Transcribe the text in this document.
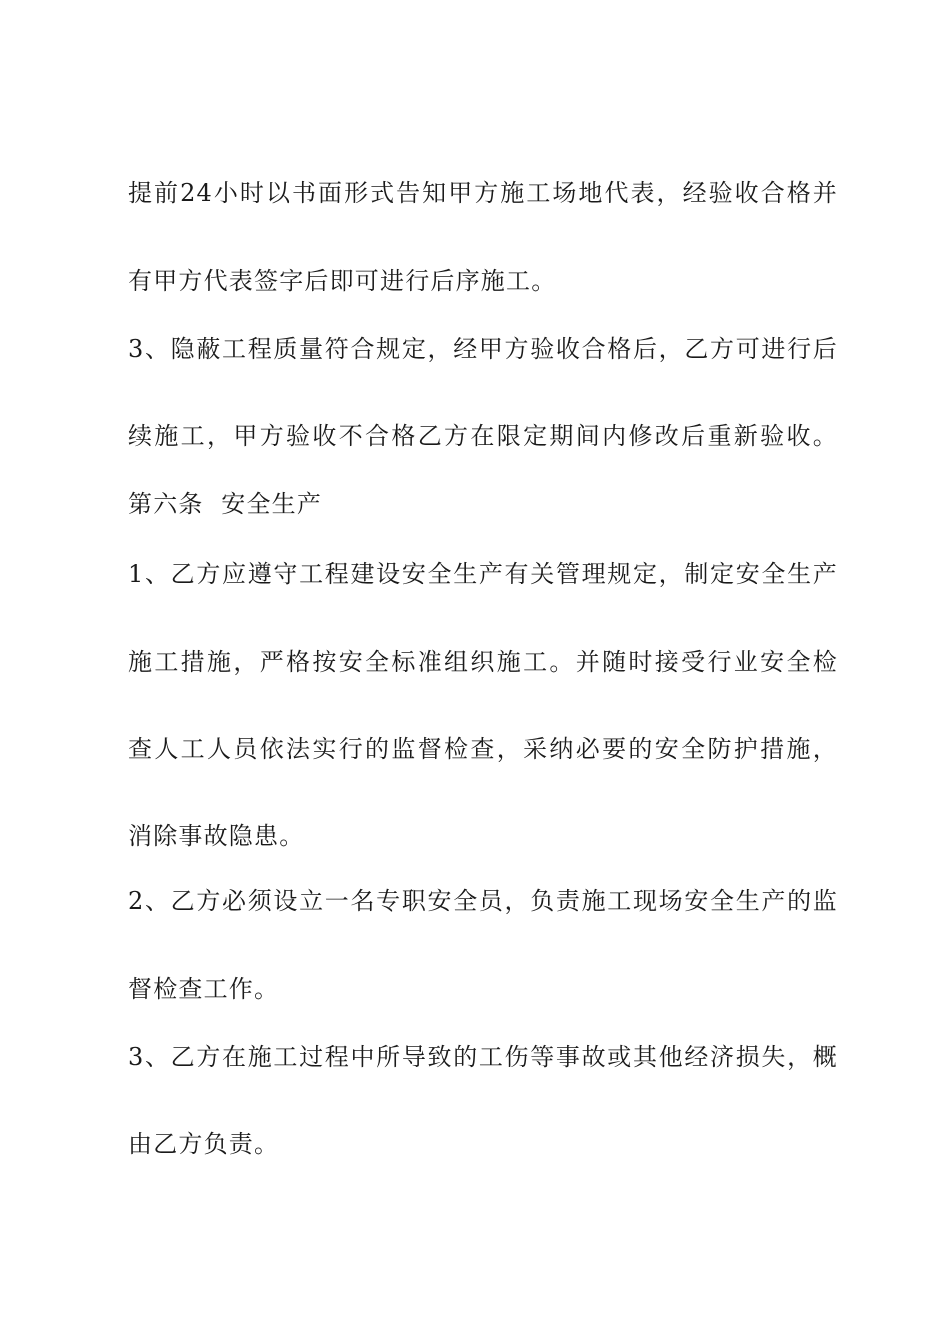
提前24小时以书面形式告知甲方施工场地代表，经验收合格并
有甲方代表签字后即可进行后序施工。
3、隐蔽工程质量符合规定，经甲方验收合格后，乙方可进行后
续施工，甲方验收不合格乙方在限定期间内修改后重新验收。
第六条  安全生产
1、乙方应遵守工程建设安全生产有关管理规定，制定安全生产
施工措施，严格按安全标准组织施工。并随时接受行业安全检
查人工人员依法实行的监督检查，采纳必要的安全防护措施，
消除事故隐患。
2、乙方必须设立一名专职安全员，负责施工现场安全生产的监
督检查工作。
3、乙方在施工过程中所导致的工伤等事故或其他经济损失，概
由乙方负责。
